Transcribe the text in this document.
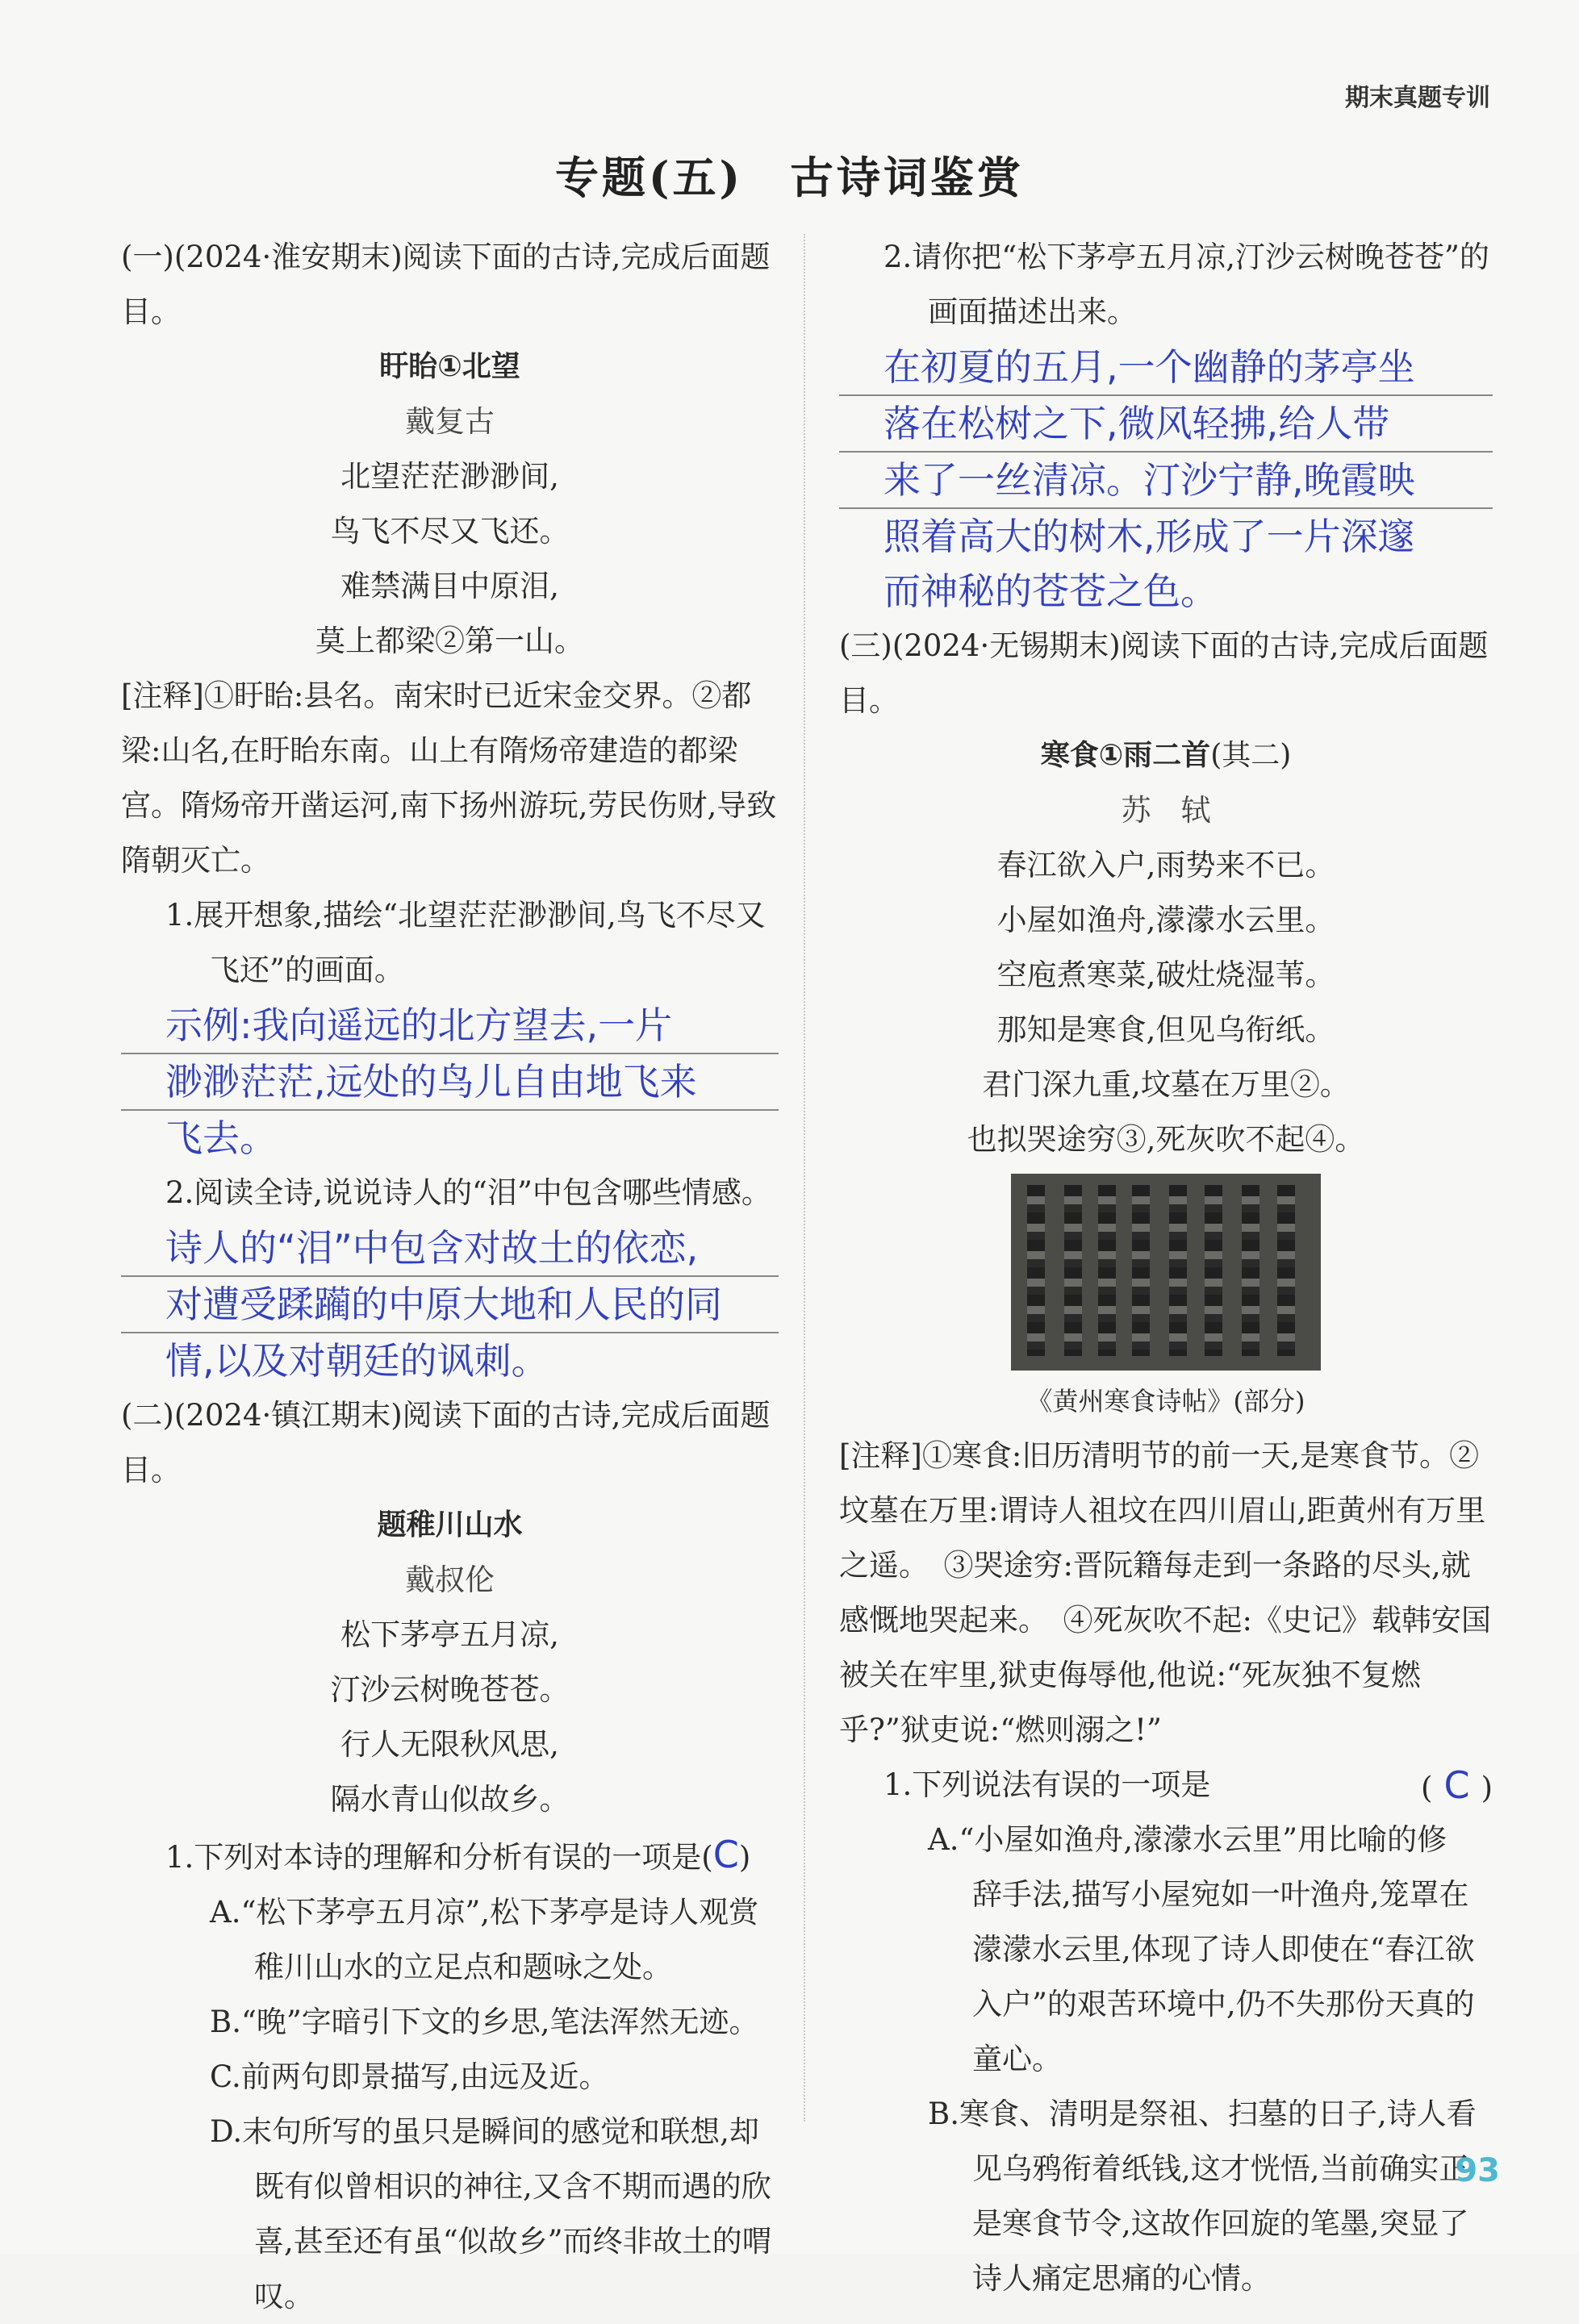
期末真题专训
专题(五)　古诗词鉴赏

(一)(2024·淮安期末)阅读下面的古诗,完成后面题目。

盱眙①北望

戴复古

北望茫茫渺渺间,

鸟飞不尽又飞还。

难禁满目中原泪,

莫上都梁②第一山。

[注释]①盱眙:县名。南宋时已近宋金交界。②都梁:山名,在盱眙东南。山上有隋炀帝建造的都梁宫。隋炀帝开凿运河,南下扬州游玩,劳民伤财,导致隋朝灭亡。

1.展开想象,描绘“北望茫茫渺渺间,鸟飞不尽又飞还”的画面。

示例:我向遥远的北方望去,一片

渺渺茫茫,远处的鸟儿自由地飞来

飞去。

2.阅读全诗,说说诗人的“泪”中包含哪些情感。

诗人的“泪”中包含对故土的依恋,

对遭受蹂躏的中原大地和人民的同

情,以及对朝廷的讽刺。

(二)(2024·镇江期末)阅读下面的古诗,完成后面题目。

题稚川山水

戴叔伦

松下茅亭五月凉,

汀沙云树晚苍苍。

行人无限秋风思,

隔水青山似故乡。

1.下列对本诗的理解和分析有误的一项是(C)

A.“松下茅亭五月凉”,松下茅亭是诗人观赏稚川山水的立足点和题咏之处。

B.“晚”字暗引下文的乡思,笔法浑然无迹。

C.前两句即景描写,由远及近。

D.末句所写的虽只是瞬间的感觉和联想,却既有似曾相识的神往,又含不期而遇的欣喜,甚至还有虽“似故乡”而终非故土的喟叹。

2.请你把“松下茅亭五月凉,汀沙云树晚苍苍”的画面描述出来。

在初夏的五月,一个幽静的茅亭坐

落在松树之下,微风轻拂,给人带

来了一丝清凉。汀沙宁静,晚霞映

照着高大的树木,形成了一片深邃

而神秘的苍苍之色。

(三)(2024·无锡期末)阅读下面的古诗,完成后面题目。

寒食①雨二首(其二)

苏　轼

春江欲入户,雨势来不已。

小屋如渔舟,濛濛水云里。

空庖煮寒菜,破灶烧湿苇。

那知是寒食,但见乌衔纸。

君门深九重,坟墓在万里②。

也拟哭途穷③,死灰吹不起④。

《黄州寒食诗帖》(部分)

[注释]①寒食:旧历清明节的前一天,是寒食节。②坟墓在万里:谓诗人祖坟在四川眉山,距黄州有万里之遥。　③哭途穷:晋阮籍每走到一条路的尽头,就感慨地哭起来。　④死灰吹不起:《史记》载韩安国被关在牢里,狱吏侮辱他,他说:“死灰独不复燃乎?”狱吏说:“燃则溺之!”

1.下列说法有误的一项是	( C )

A.“小屋如渔舟,濛濛水云里”用比喻的修辞手法,描写小屋宛如一叶渔舟,笼罩在濛濛水云里,体现了诗人即使在“春江欲入户”的艰苦环境中,仍不失那份天真的童心。

B.寒食、清明是祭祖、扫墓的日子,诗人看见乌鸦衔着纸钱,这才恍悟,当前确实正是寒食节令,这故作回旋的笔墨,突显了诗人痛定思痛的心情。

93
